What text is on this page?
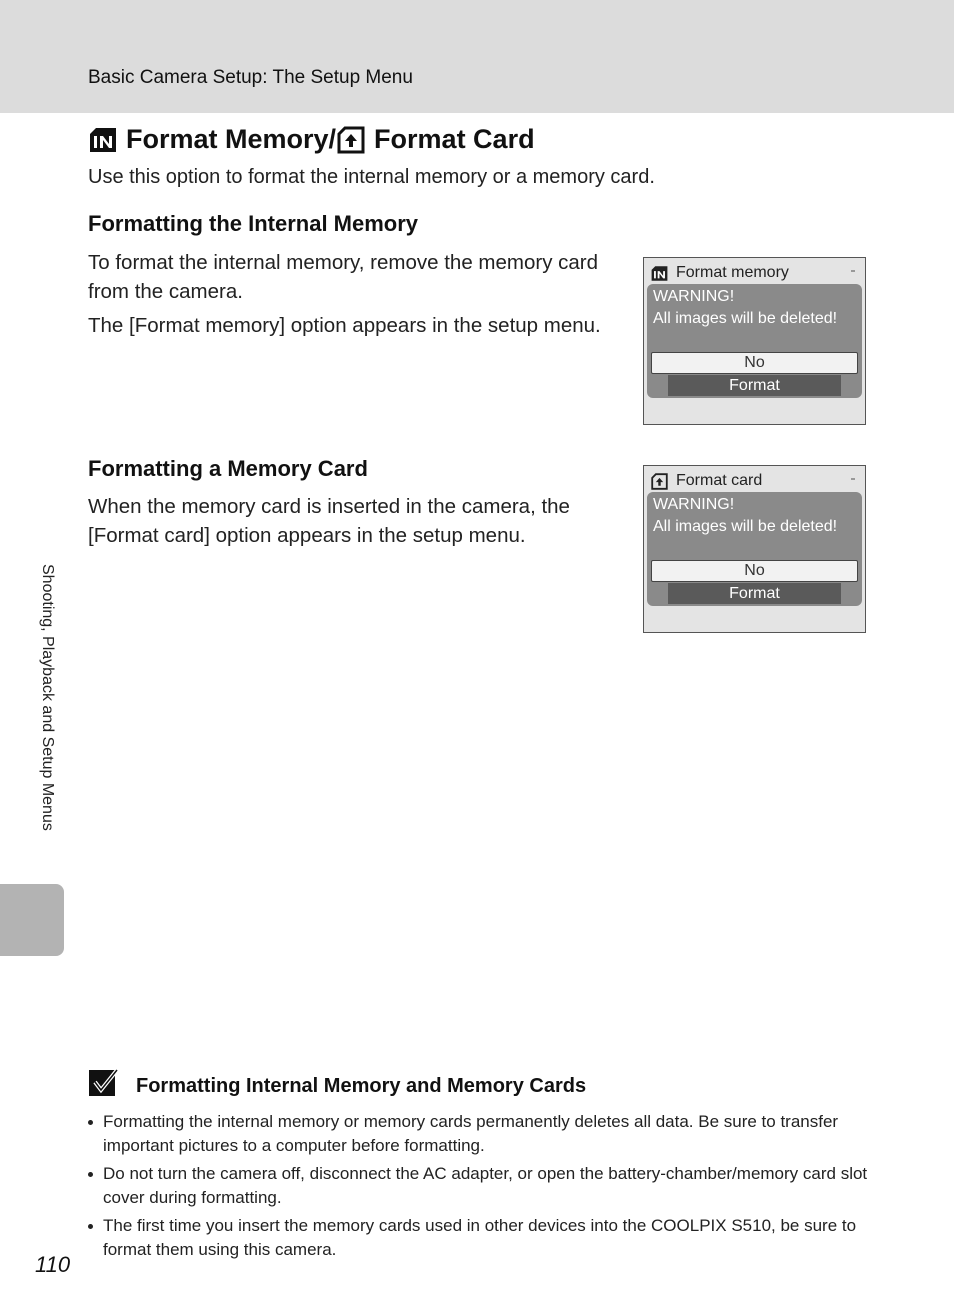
Basic Camera Setup: The Setup Menu
Format Memory/ Format Card

Use this option to format the internal memory or a memory card.

Formatting the Internal Memory

To format the internal memory, remove the memory card from the camera.

The [Format memory] option appears in the setup menu.

Format memory
WARNING!
All images will be deleted!
No
Format
Formatting a Memory Card

When the memory card is inserted in the camera, the [Format card] option appears in the setup menu.

Format card
WARNING!
All images will be deleted!
No
Format
Shooting, Playback and Setup Menus
Formatting Internal Memory and Memory Cards
Formatting the internal memory or memory cards permanently deletes all data. Be sure to transfer important pictures to a computer before formatting.
Do not turn the camera off, disconnect the AC adapter, or open the battery-chamber/memory card slot cover during formatting.
The first time you insert the memory cards used in other devices into the COOLPIX S510, be sure to format them using this camera.
110
